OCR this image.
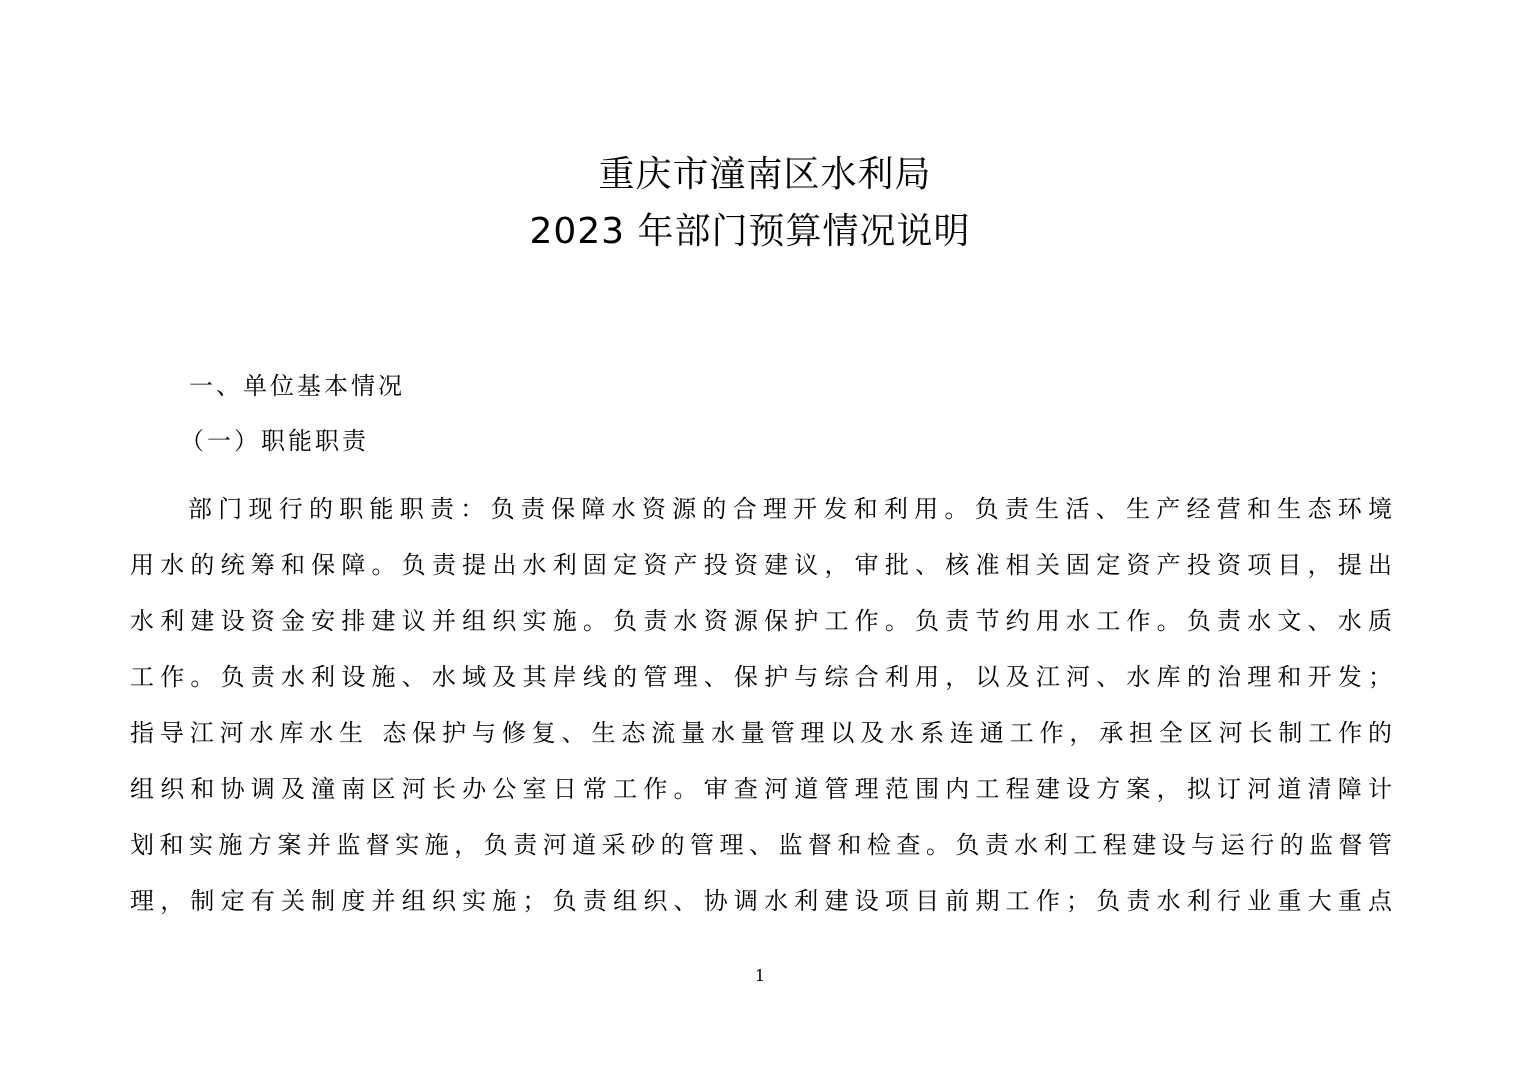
重庆市潼南区水利局
2023 年部门预算情况说明
一、单位基本情况
（一）职能职责
部门现行的职能职责：负责保障水资源的合理开发和利用。负责生活、生产经营和生态环境
用水的统筹和保障。负责提出水利固定资产投资建议，审批、核准相关固定资产投资项目，提出
水利建设资金安排建议并组织实施。负责水资源保护工作。负责节约用水工作。负责水文、水质
工作。负责水利设施、水域及其岸线的管理、保护与综合利用，以及江河、水库的治理和开发；
指导江河水库水生 态保护与修复、生态流量水量管理以及水系连通工作，承担全区河长制工作的
组织和协调及潼南区河长办公室日常工作。审查河道管理范围内工程建设方案，拟订河道清障计
划和实施方案并监督实施，负责河道采砂的管理、监督和检查。负责水利工程建设与运行的监督管
理，制定有关制度并组织实施；负责组织、协调水利建设项目前期工作；负责水利行业重大重点
1
